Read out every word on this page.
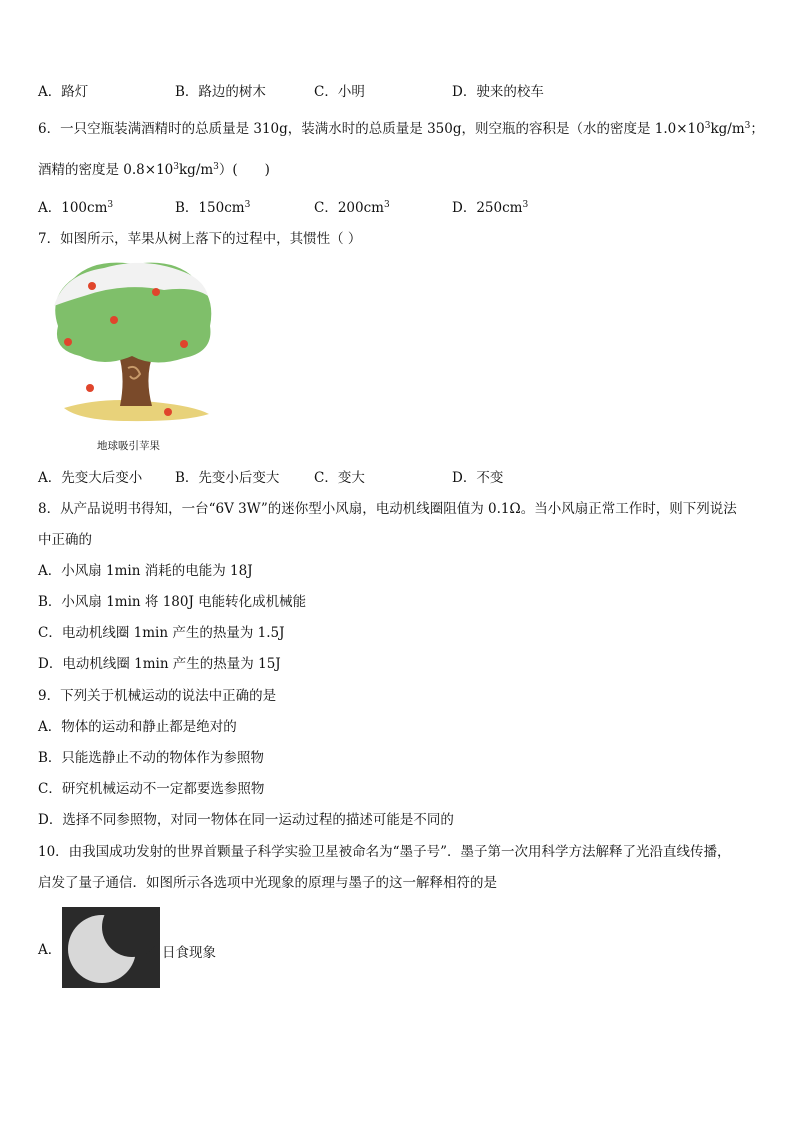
A．路灯	B．路边的树木	C．小明	D．驶来的校车
6．一只空瓶装满酒精时的总质量是 310g，装满水时的总质量是 350g，则空瓶的容积是（水的密度是 $1.0\times 10^3kg/m^3$；
酒精的密度是 $0.8\times 10^3kg/m^3$）(　　)
A．$100cm^3$	B．$150cm^3$	C．$200cm^3$	D．$250cm^3$
7．如图所示，苹果从树上落下的过程中，其惯性（ ）
地球吸引苹果
A．先变大后变小 B．先变小后变大	C．变大	D．不变
8．从产品说明书得知，一台“6V 3W”的迷你型小风扇，电动机线圈阻值为 0.1Ω。当小风扇正常工作时，则下列说法
中正确的
A．小风扇 1min 消耗的电能为 18J
B．小风扇 1min 将 180J 电能转化成机械能
C．电动机线圈 1min 产生的热量为 1.5J
D．电动机线圈 1min 产生的热量为 15J
9．下列关于机械运动的说法中正确的是
A．物体的运动和静止都是绝对的
B．只能选静止不动的物体作为参照物
C．研究机械运动不一定都要选参照物
D．选择不同参照物，对同一物体在同一运动过程的描述可能是不同的
10．由我国成功发射的世界首颗量子科学实验卫星被命名为“墨子号”．墨子第一次用科学方法解释了光沿直线传播，
启发了量子通信．如图所示各选项中光现象的原理与墨子的这一解释相符的是
A．	日食现象
